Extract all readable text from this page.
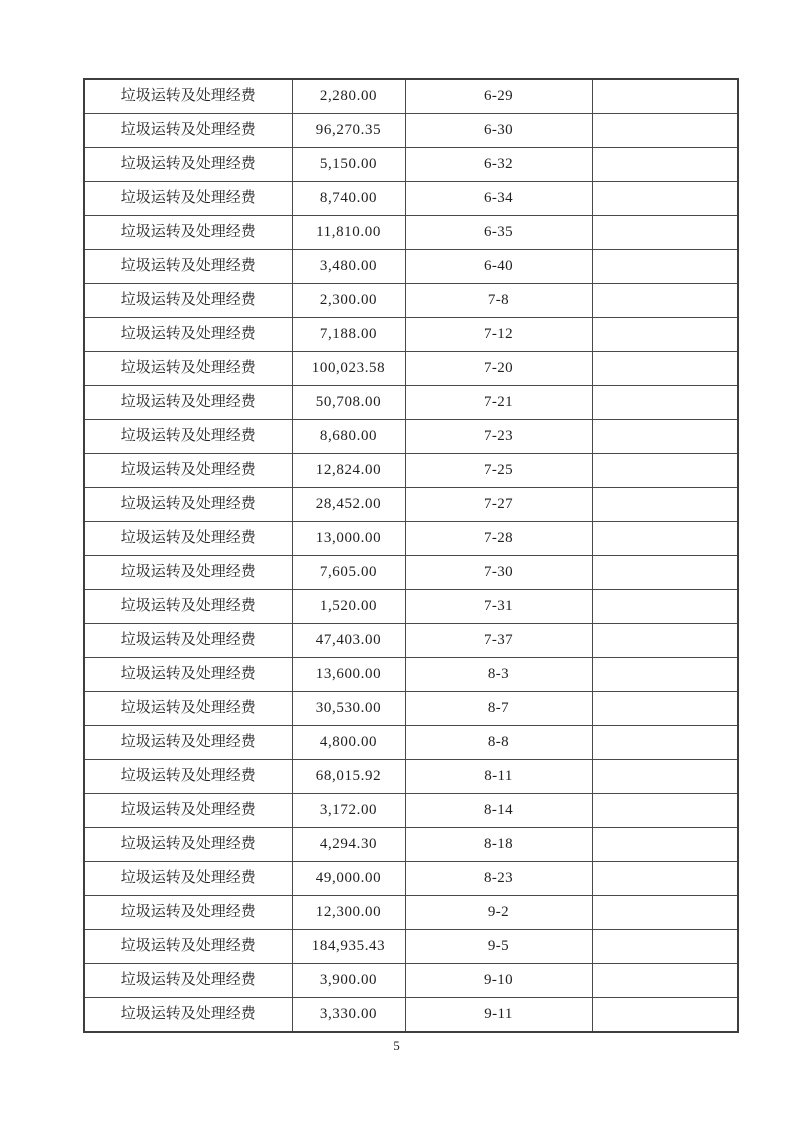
垃圾运转及处理经费	2,280.00	6-29	
垃圾运转及处理经费	96,270.35	6-30	
垃圾运转及处理经费	5,150.00	6-32	
垃圾运转及处理经费	8,740.00	6-34	
垃圾运转及处理经费	11,810.00	6-35	
垃圾运转及处理经费	3,480.00	6-40	
垃圾运转及处理经费	2,300.00	7-8	
垃圾运转及处理经费	7,188.00	7-12	
垃圾运转及处理经费	100,023.58	7-20	
垃圾运转及处理经费	50,708.00	7-21	
垃圾运转及处理经费	8,680.00	7-23	
垃圾运转及处理经费	12,824.00	7-25	
垃圾运转及处理经费	28,452.00	7-27	
垃圾运转及处理经费	13,000.00	7-28	
垃圾运转及处理经费	7,605.00	7-30	
垃圾运转及处理经费	1,520.00	7-31	
垃圾运转及处理经费	47,403.00	7-37	
垃圾运转及处理经费	13,600.00	8-3	
垃圾运转及处理经费	30,530.00	8-7	
垃圾运转及处理经费	4,800.00	8-8	
垃圾运转及处理经费	68,015.92	8-11	
垃圾运转及处理经费	3,172.00	8-14	
垃圾运转及处理经费	4,294.30	8-18	
垃圾运转及处理经费	49,000.00	8-23	
垃圾运转及处理经费	12,300.00	9-2	
垃圾运转及处理经费	184,935.43	9-5	
垃圾运转及处理经费	3,900.00	9-10	
垃圾运转及处理经费	3,330.00	9-11	
5
